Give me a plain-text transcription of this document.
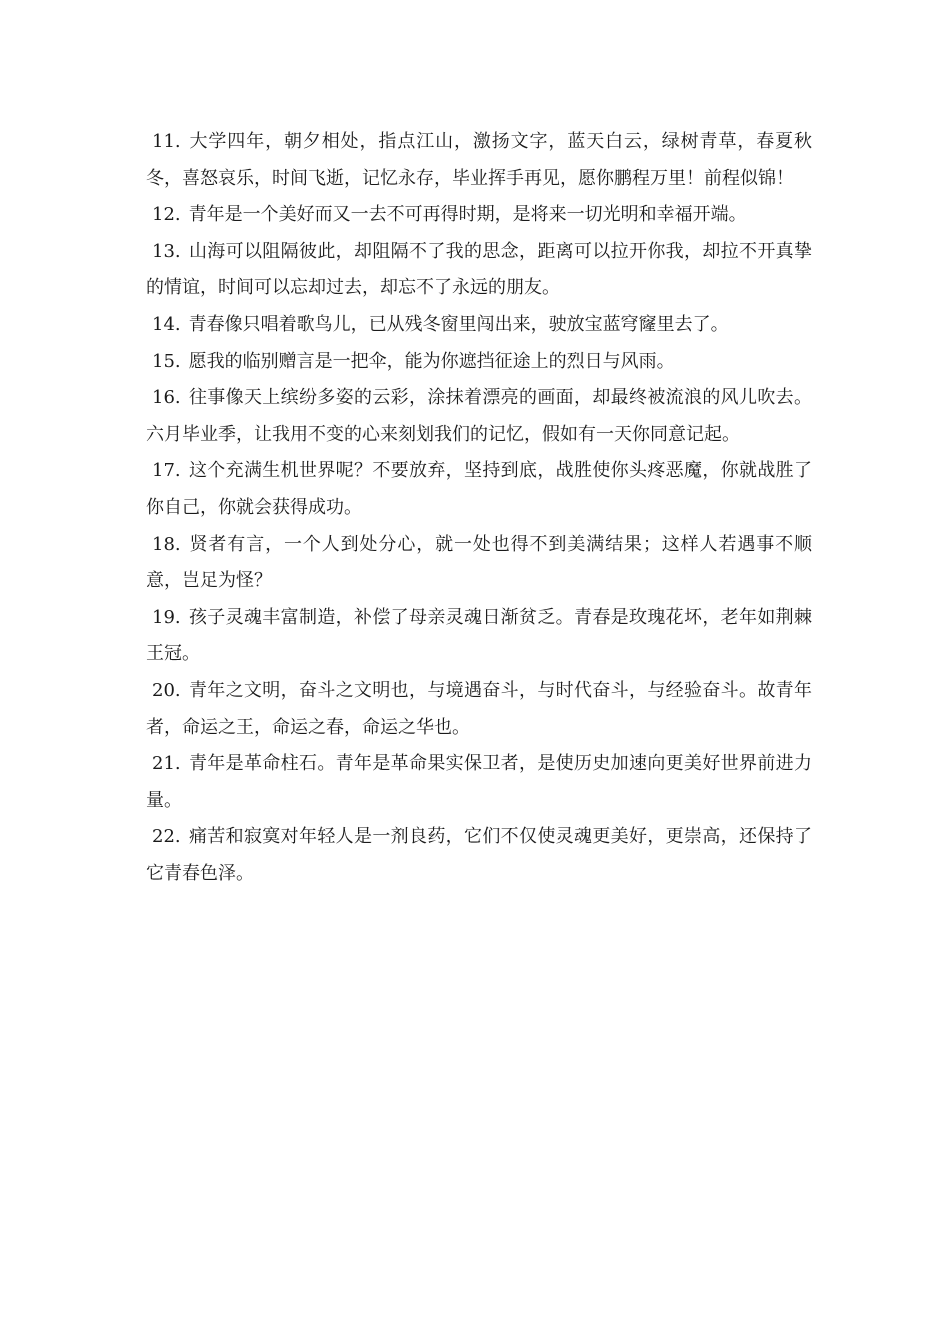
11. 大学四年，朝夕相处，指点江山，激扬文字，蓝天白云，绿树青草，春夏秋冬，喜怒哀乐，时间飞逝，记忆永存，毕业挥手再见，愿你鹏程万里！前程似锦！

12. 青年是一个美好而又一去不可再得时期，是将来一切光明和幸福开端。

13. 山海可以阻隔彼此，却阻隔不了我的思念，距离可以拉开你我，却拉不开真挚的情谊，时间可以忘却过去，却忘不了永远的朋友。

14. 青春像只唱着歌鸟儿，已从残冬窗里闯出来，驶放宝蓝穹窿里去了。

15. 愿我的临别赠言是一把伞，能为你遮挡征途上的烈日与风雨。

16. 往事像天上缤纷多姿的云彩，涂抹着漂亮的画面，却最终被流浪的风儿吹去。六月毕业季，让我用不变的心来刻划我们的记忆，假如有一天你同意记起。

17. 这个充满生机世界呢？不要放弃，坚持到底，战胜使你头疼恶魔，你就战胜了你自己，你就会获得成功。

18. 贤者有言，一个人到处分心，就一处也得不到美满结果；这样人若遇事不顺意，岂足为怪？

19. 孩子灵魂丰富制造，补偿了母亲灵魂日渐贫乏。青春是玫瑰花坏，老年如荆棘王冠。

20. 青年之文明，奋斗之文明也，与境遇奋斗，与时代奋斗，与经验奋斗。故青年者，命运之王，命运之春，命运之华也。

21. 青年是革命柱石。青年是革命果实保卫者，是使历史加速向更美好世界前进力量。

22. 痛苦和寂寞对年轻人是一剂良药，它们不仅使灵魂更美好，更崇高，还保持了它青春色泽。
